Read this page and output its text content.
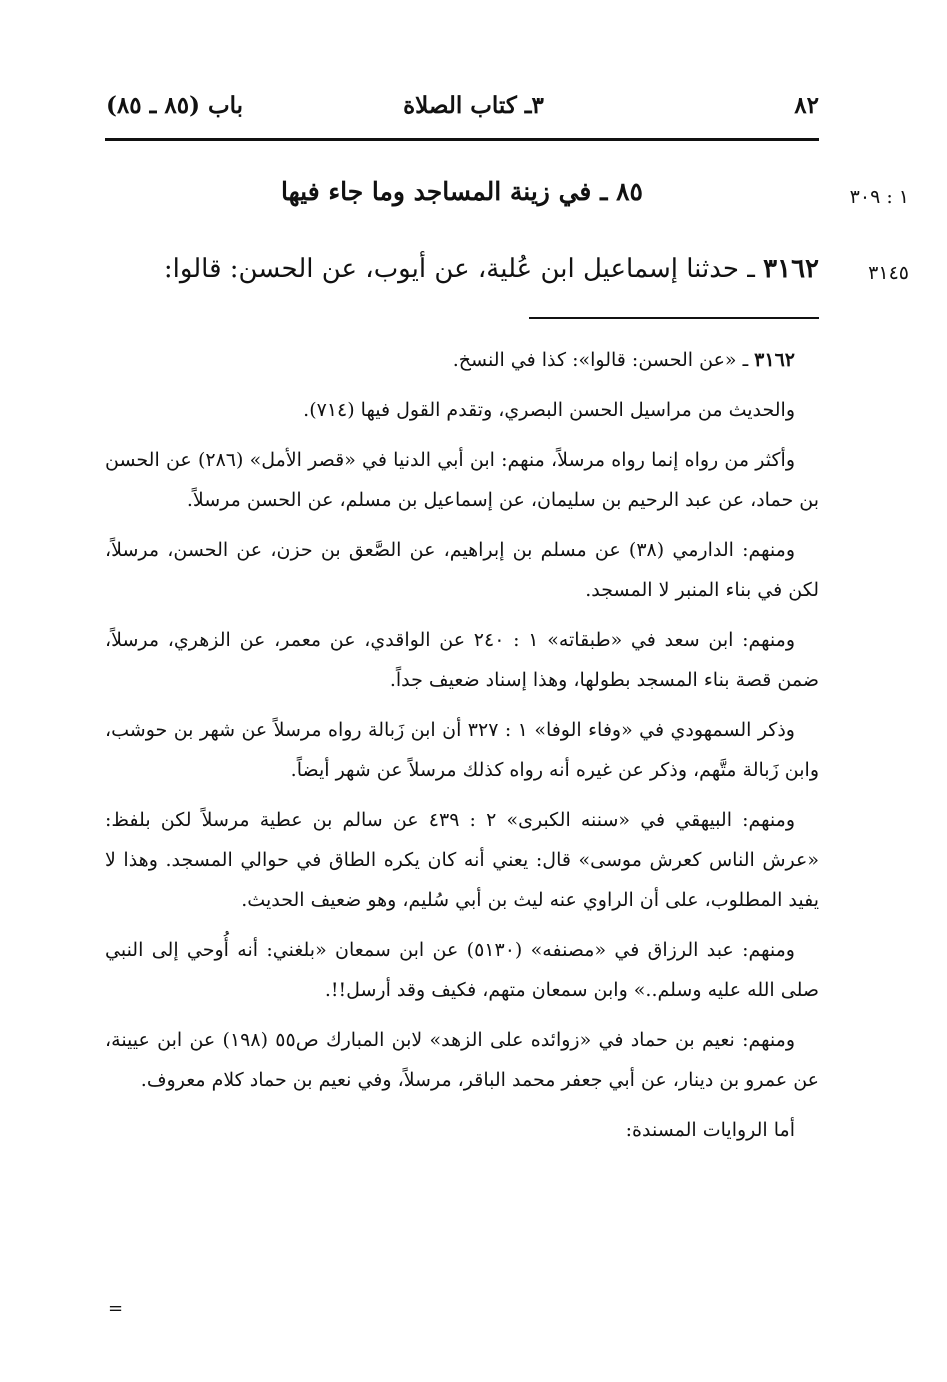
٨٢
٣ـ كتاب الصلاة
باب (٨٥ ـ ٨٥)
١ : ٣٠٩
٣١٤٥
٨٥ ـ في زينة المساجد وما جاء فيها
٣١٦٢ ـ حدثنا إسماعيل ابن عُلية، عن أيوب، عن الحسن: قالوا:

٣١٦٢ ـ «عن الحسن: قالوا»: كذا في النسخ.

والحديث من مراسيل الحسن البصري، وتقدم القول فيها (٧١٤).

وأكثر من رواه إنما رواه مرسلاً، منهم: ابن أبي الدنيا في «قصر الأمل» (٢٨٦) عن الحسن بن حماد، عن عبد الرحيم بن سليمان، عن إسماعيل بن مسلم، عن الحسن مرسلاً.

ومنهم: الدارمي (٣٨) عن مسلم بن إبراهيم، عن الصَّعق بن حزن، عن الحسن، مرسلاً، لكن في بناء المنبر لا المسجد.

ومنهم: ابن سعد في «طبقاته» ١ : ٢٤٠ عن الواقدي، عن معمر، عن الزهري، مرسلاً، ضمن قصة بناء المسجد بطولها، وهذا إسناد ضعيف جداً.

وذكر السمهودي في «وفاء الوفا» ١ : ٣٢٧ أن ابن زَبالة رواه مرسلاً عن شهر بن حوشب، وابن زَبالة متَّهم، وذكر عن غيره أنه رواه كذلك مرسلاً عن شهر أيضاً.

ومنهم: البيهقي في «سننه الكبرى» ٢ : ٤٣٩ عن سالم بن عطية مرسلاً لكن بلفظ: «عرش الناس كعرش موسى» قال: يعني أنه كان يكره الطاق في حوالي المسجد. وهذا لا يفيد المطلوب، على أن الراوي عنه ليث بن أبي سُليم، وهو ضعيف الحديث.

ومنهم: عبد الرزاق في «مصنفه» (٥١٣٠) عن ابن سمعان «بلغني: أنه أُوحي إلى النبي صلى الله عليه وسلم..» وابن سمعان متهم، فكيف وقد أرسل!!.

ومنهم: نعيم بن حماد في «زوائده على الزهد» لابن المبارك ص٥٥ (١٩٨) عن ابن عيينة، عن عمرو بن دينار، عن أبي جعفر محمد الباقر، مرسلاً، وفي نعيم بن حماد كلام معروف.

أما الروايات المسندة:

=
